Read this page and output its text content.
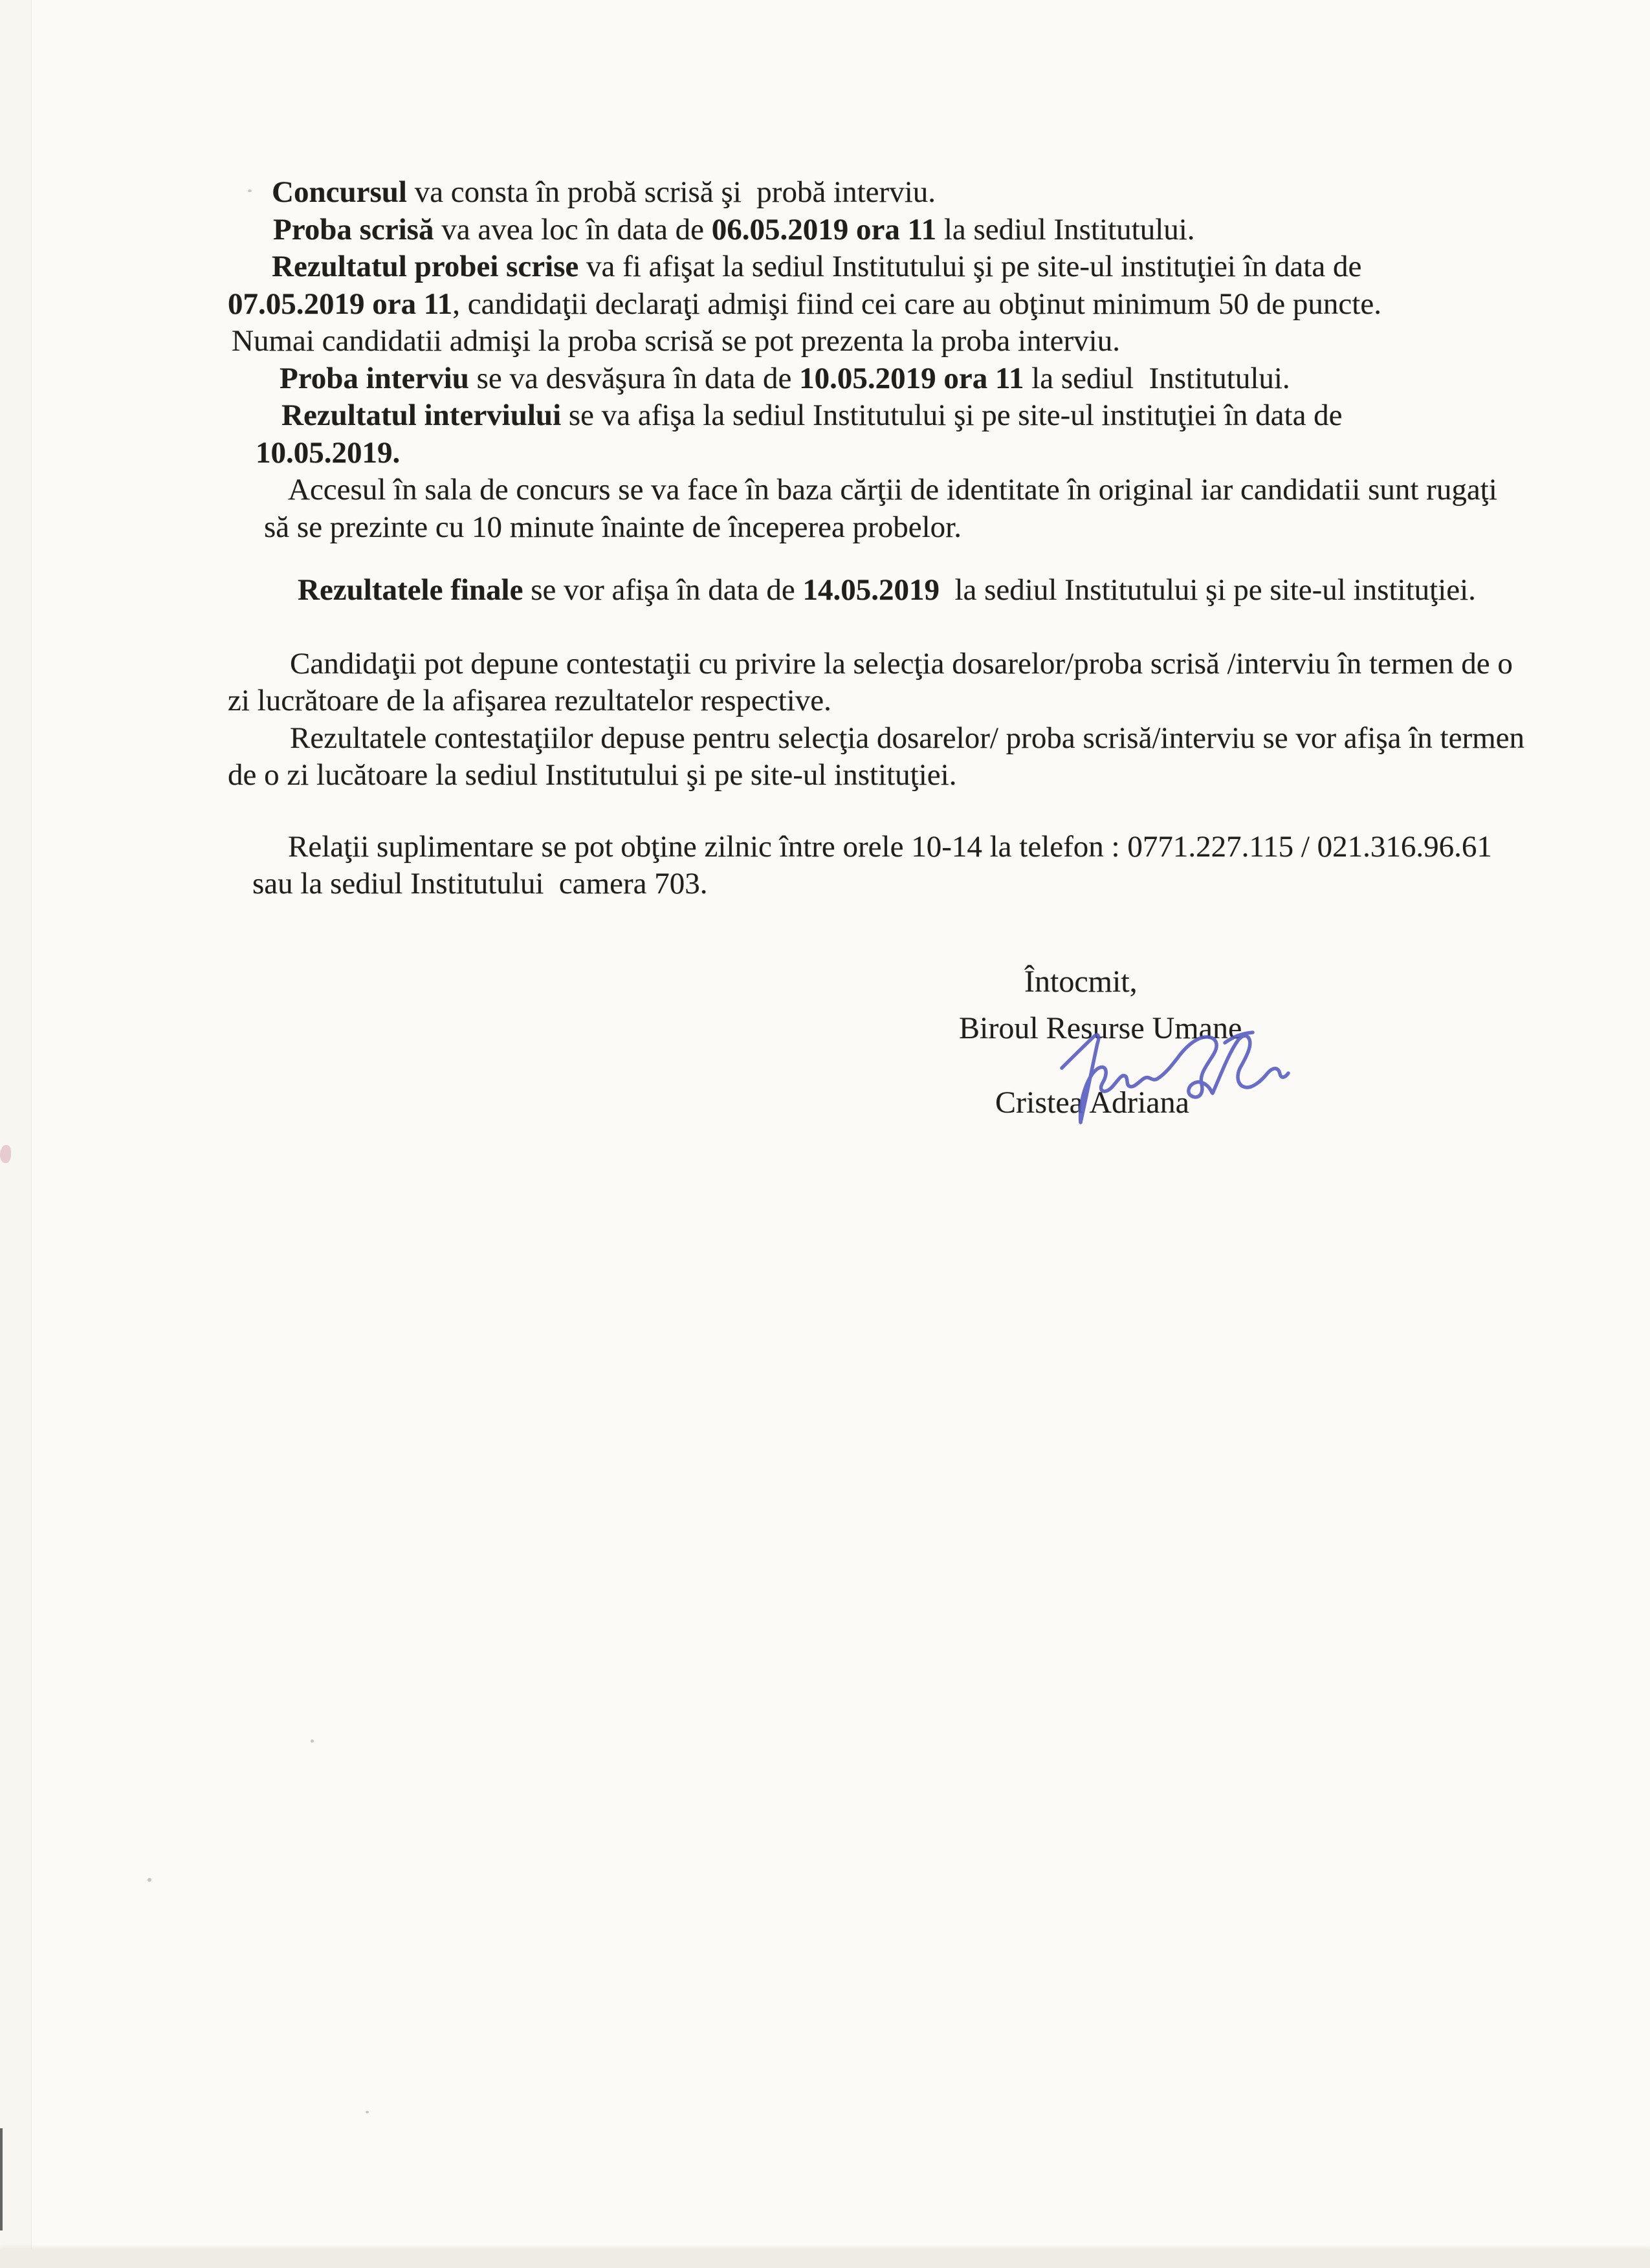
Concursul va consta în probă scrisă şi  probă interviu.
Proba scrisă va avea loc în data de 06.05.2019 ora 11 la sediul Institutului.
Rezultatul probei scrise va fi afişat la sediul Institutului şi pe site-ul instituţiei în data de
07.05.2019 ora 11, candidaţii declaraţi admişi fiind cei care au obţinut minimum 50 de puncte.
Numai candidatii admişi la proba scrisă se pot prezenta la proba interviu.
Proba interviu se va desvăşura în data de 10.05.2019 ora 11 la sediul  Institutului.
Rezultatul interviului se va afişa la sediul Institutului şi pe site-ul instituţiei în data de
10.05.2019.
Accesul în sala de concurs se va face în baza cărţii de identitate în original iar candidatii sunt rugaţi
să se prezinte cu 10 minute înainte de începerea probelor.
Rezultatele finale se vor afişa în data de 14.05.2019  la sediul Institutului şi pe site-ul instituţiei.
Candidaţii pot depune contestaţii cu privire la selecţia dosarelor/proba scrisă /interviu în termen de o
zi lucrătoare de la afişarea rezultatelor respective.
Rezultatele contestaţiilor depuse pentru selecţia dosarelor/ proba scrisă/interviu se vor afişa în termen
de o zi lucătoare la sediul Institutului şi pe site-ul instituţiei.
Relaţii suplimentare se pot obţine zilnic între orele 10-14 la telefon : 0771.227.115 / 021.316.96.61
sau la sediul Institutului  camera 703.
Întocmit,
Biroul Resurse Umane
Cristea Adriana
